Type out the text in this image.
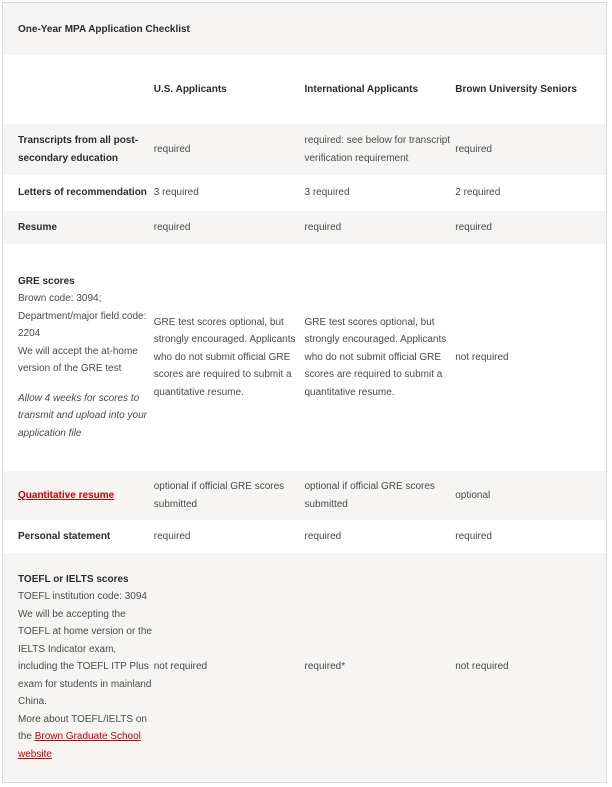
One-Year MPA Application Checklist			
	U.S. Applicants	International Applicants	Brown University Seniors
Transcripts from all post-secondary education	required	required: see below for transcript verification requirement	required
Letters of recommendation	3 required	3 required	2 required
Resume	required	required	required

GRE scores
Brown code: 3094;
Department/major field code: 2204
We will accept the at-home version of the GRE test
Allow 4 weeks for scores to transmit and upload into your application file	GRE test scores optional, but strongly encouraged. Applicants who do not submit official GRE scores are required to submit a quantitative resume.	GRE test scores optional, but strongly encouraged. Applicants who do not submit official GRE scores are required to submit a quantitative resume.	not required
Quantitative resume	optional if official GRE scores submitted	optional if official GRE scores submitted	optional
Personal statement	required	required	required

TOEFL or IELTS scores
TOEFL institution code: 3094
We will be accepting the TOEFL at home version or the IELTS Indicator exam, including the TOEFL ITP Plus exam for students in mainland China.
More about TOEFL/IELTS on the Brown Graduate School website	not required	required*	not required
